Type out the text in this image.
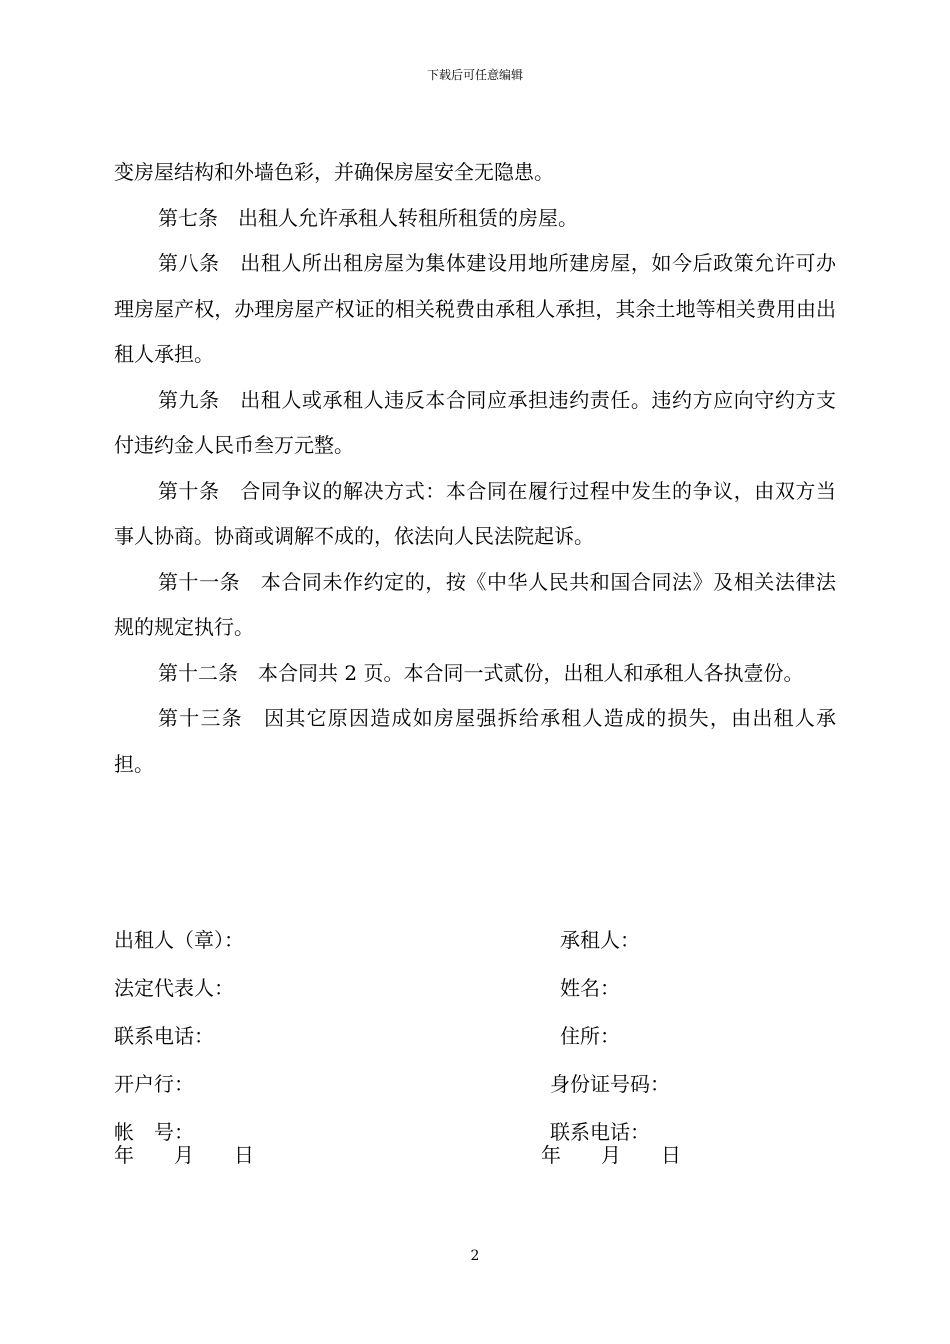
下载后可任意编辑

变房屋结构和外墙色彩，并确保房屋安全无隐患。

第七条　出租人允许承租人转租所租赁的房屋。

第八条　出租人所出租房屋为集体建设用地所建房屋，如今后政策允许可办理房屋产权，办理房屋产权证的相关税费由承租人承担，其余土地等相关费用由出租人承担。

第九条　出租人或承租人违反本合同应承担违约责任。违约方应向守约方支付违约金人民币叁万元整。

第十条　合同争议的解决方式：本合同在履行过程中发生的争议，由双方当事人协商。协商或调解不成的，依法向人民法院起诉。

第十一条　本合同未作约定的，按《中华人民共和国合同法》及相关法律法规的规定执行。

第十二条　本合同共 2 页。本合同一式贰份，出租人和承租人各执壹份。

第十三条　因其它原因造成如房屋强拆给承租人造成的损失，由出租人承担。

出租人（章）：
法定代表人：
联系电话：
开户行：
帐　号：
年　　月　　日
承租人：
姓名：
住所：
身份证号码：
联系电话：
年　　月　　日
2
